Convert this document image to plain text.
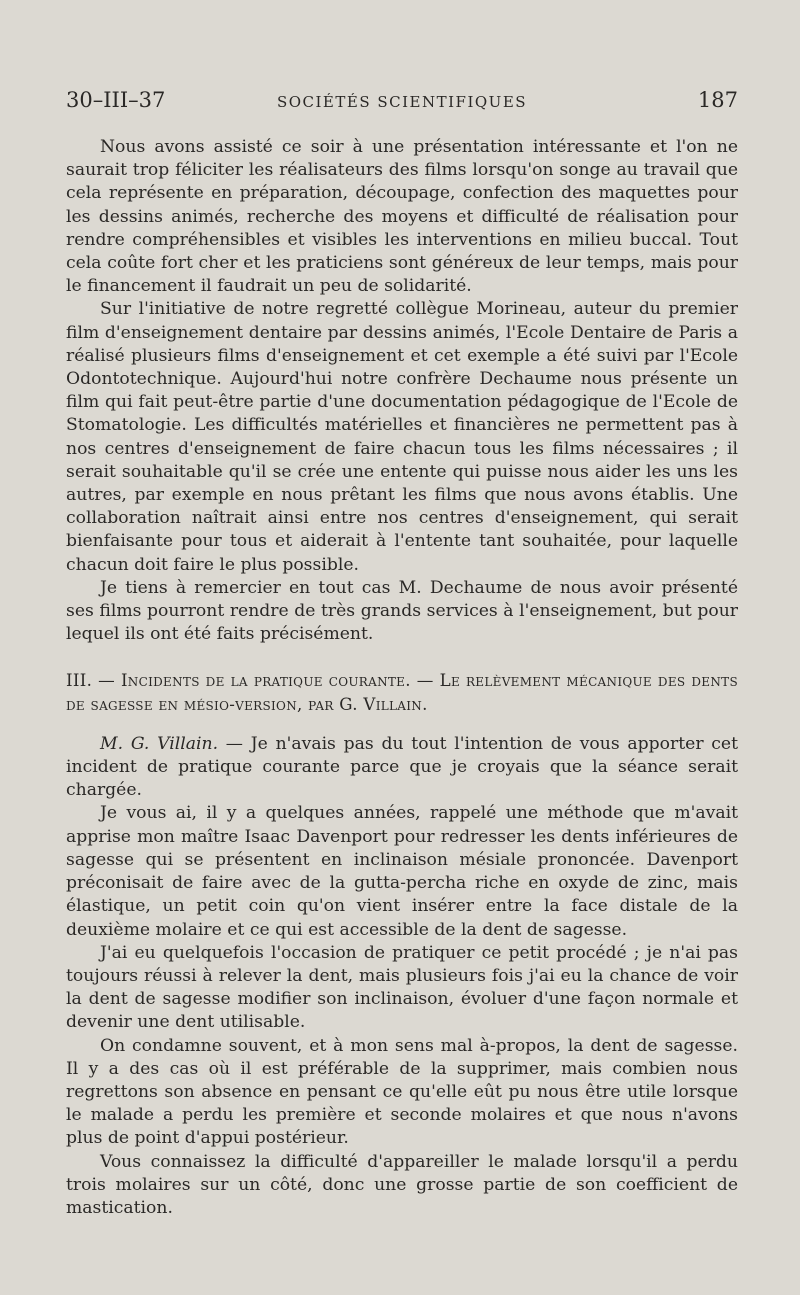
30–III–37	SOCIÉTÉS SCIENTIFIQUES	187

Nous avons assisté ce soir à une présentation intéressante et l'on ne saurait trop féliciter les réalisateurs des films lorsqu'on songe au travail que cela représente en préparation, découpage, confection des maquettes pour les dessins animés, recherche des moyens et difficulté de réalisation pour rendre compréhensibles et visibles les interventions en milieu buccal. Tout cela coûte fort cher et les praticiens sont généreux de leur temps, mais pour le financement il faudrait un peu de solidarité.

Sur l'initiative de notre regretté collègue Morineau, auteur du premier film d'enseignement dentaire par dessins animés, l'Ecole Dentaire de Paris a réalisé plusieurs films d'enseignement et cet exemple a été suivi par l'Ecole Odontotechnique. Aujourd'hui notre confrère Dechaume nous présente un film qui fait peut-être partie d'une documentation pédagogique de l'Ecole de Stomatologie. Les difficultés matérielles et financières ne permettent pas à nos centres d'enseignement de faire chacun tous les films nécessaires ; il serait souhaitable qu'il se crée une entente qui puisse nous aider les uns les autres, par exemple en nous prêtant les films que nous avons établis. Une collaboration naîtrait ainsi entre nos centres d'enseignement, qui serait bienfaisante pour tous et aiderait à l'entente tant souhaitée, pour laquelle chacun doit faire le plus possible.

Je tiens à remercier en tout cas M. Dechaume de nous avoir présenté ses films pourront rendre de très grands services à l'enseignement, but pour lequel ils ont été faits précisément.

III. — Incidents de la pratique courante. — Le relèvement mécanique des dents de sagesse en mésio-version, par G. Villain.

M. G. Villain. — Je n'avais pas du tout l'intention de vous apporter cet incident de pratique courante parce que je croyais que la séance serait chargée.

Je vous ai, il y a quelques années, rappelé une méthode que m'avait apprise mon maître Isaac Davenport pour redresser les dents inférieures de sagesse qui se présentent en inclinaison mésiale prononcée. Davenport préconisait de faire avec de la gutta-percha riche en oxyde de zinc, mais élastique, un petit coin qu'on vient insérer entre la face distale de la deuxième molaire et ce qui est accessible de la dent de sagesse.

J'ai eu quelquefois l'occasion de pratiquer ce petit procédé ; je n'ai pas toujours réussi à relever la dent, mais plusieurs fois j'ai eu la chance de voir la dent de sagesse modifier son inclinaison, évoluer d'une façon normale et devenir une dent utilisable.

On condamne souvent, et à mon sens mal à-propos, la dent de sagesse. Il y a des cas où il est préférable de la supprimer, mais combien nous regrettons son absence en pensant ce qu'elle eût pu nous être utile lorsque le malade a perdu les première et seconde molaires et que nous n'avons plus de point d'appui postérieur.

Vous connaissez la difficulté d'appareiller le malade lorsqu'il a perdu trois molaires sur un côté, donc une grosse partie de son coefficient de mastication.
